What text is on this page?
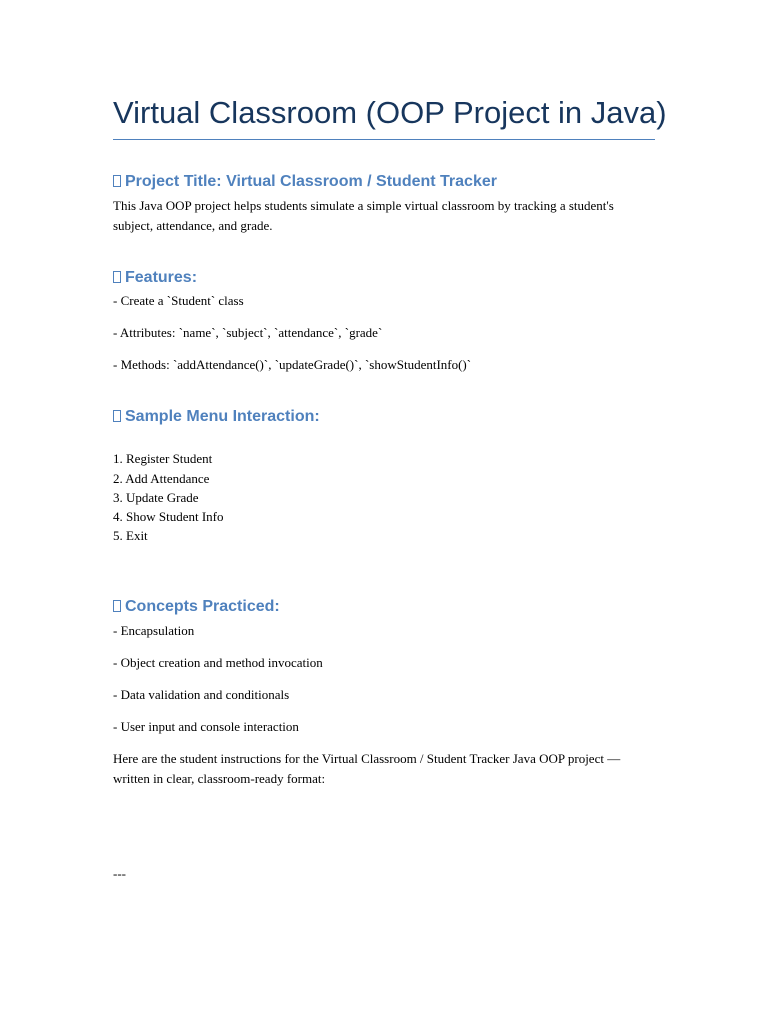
Virtual Classroom (OOP Project in Java)
Project Title: Virtual Classroom / Student Tracker
This Java OOP project helps students simulate a simple virtual classroom by tracking a student's subject, attendance, and grade.
Features:
- Create a `Student` class
- Attributes: `name`, `subject`, `attendance`, `grade`
- Methods: `addAttendance()`, `updateGrade()`, `showStudentInfo()`
Sample Menu Interaction:
1. Register Student
2. Add Attendance
3. Update Grade
4. Show Student Info
5. Exit
Concepts Practiced:
- Encapsulation
- Object creation and method invocation
- Data validation and conditionals
- User input and console interaction
Here are the student instructions for the Virtual Classroom / Student Tracker Java OOP project — written in clear, classroom-ready format:
---
